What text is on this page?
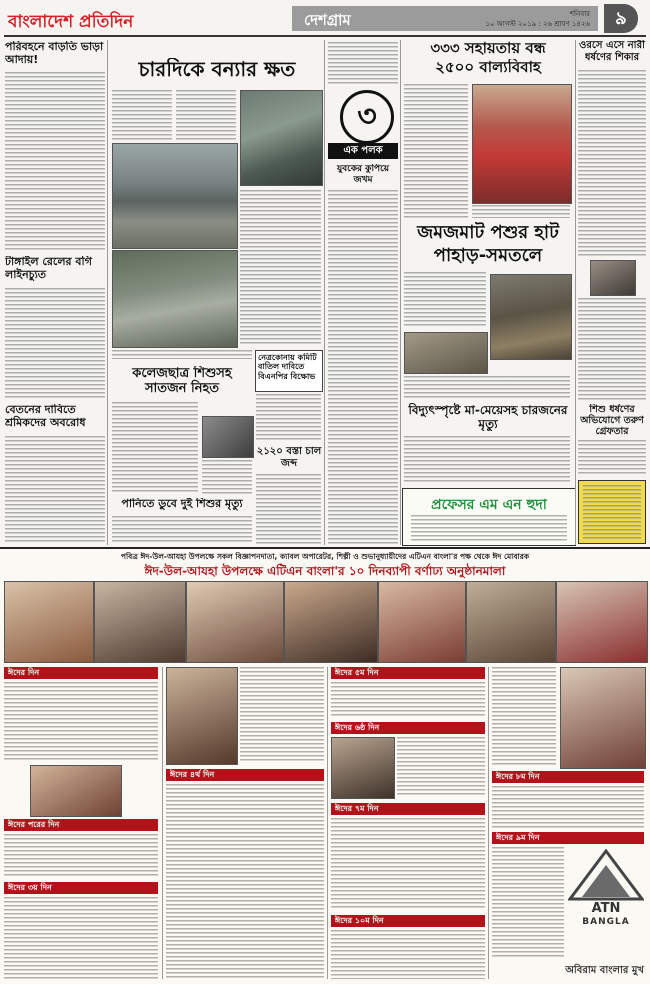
বাংলাদেশ প্রতিদিন	দেশগ্রাম	শনিবার
১০ আগস্ট ২০১৯ : ২৬ শ্রাবণ ১৪২৬	৯
পরিবহনে বাড়তি ভাড়া আদায়!
টাঙ্গাইল রেলের বগি লাইনচ্যুত
বেতনের দাবিতে শ্রমিকদের অবরোধ
চারদিকে বন্যার ক্ষত
নেত্রকোনায় কমিটি বাতিল দাবিতে বিএনপির বিক্ষোভ
কলেজছাত্র শিশুসহ সাতজন নিহত
২১২০ বস্তা চাল জব্দ
পানিতে ডুবে দুই শিশুর মৃত্যু
৩
এক পলক
যুবকের কুপিয়ে জখম
৩৩৩ সহায়তায় বন্ধ
২৫০০ বাল্যবিবাহ
জমজমাট পশুর হাট
পাহাড়-সমতলে
বিদ্যুৎস্পৃষ্টে মা-মেয়েসহ চারজনের মৃত্যু
প্রফেসর এম এন হুদা
ওরসে এসে নারী ধর্ষণের শিকার
শিশু ধর্ষণের অভিযোগে তরুণ গ্রেফতার
পবিত্র ঈদ-উল-আযহা উপলক্ষে সকল বিজ্ঞাপনদাতা, ক্যাবল অপারেটর, শিল্পী ও শুভানুধ্যায়ীদের এটিএন বাংলা'র পক্ষ থেকে ঈদ মোবারক
ঈদ-উল-আযহা উপলক্ষে এটিএন বাংলা'র ১০ দিনব্যাপী বর্ণাঢ্য অনুষ্ঠানমালা
ঈদের দিন
ঈদের পরের দিন
ঈদের ৩য় দিন
ঈদের ৪র্থ দিন
ঈদের ৫ম দিন
ঈদের ৬ষ্ঠ দিন
ঈদের ৭ম দিন
ঈদের ১০ম দিন
ঈদের ৮ম দিন
ঈদের ৯ম দিন
ATN
BANGLA
অবিরাম বাংলার মুখ
